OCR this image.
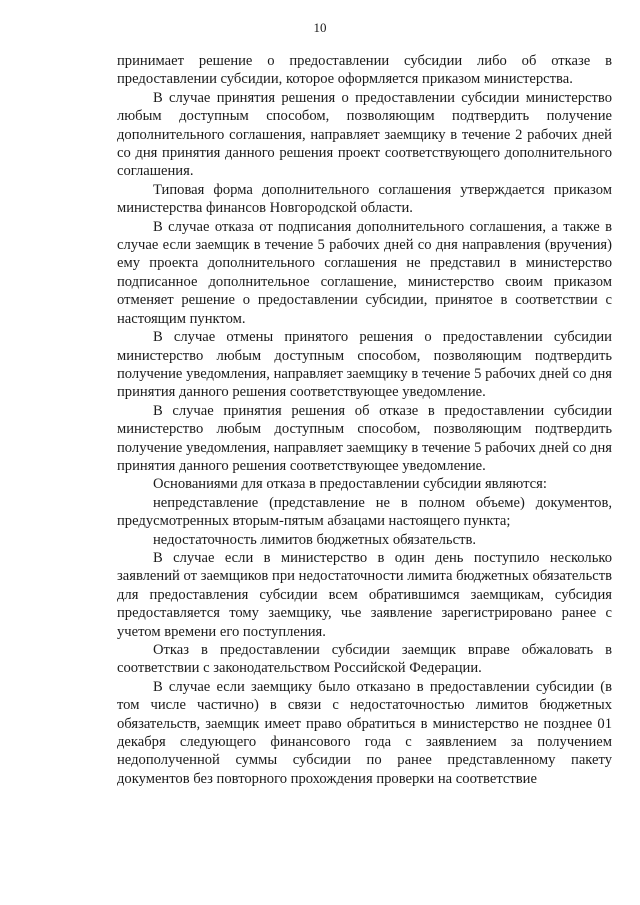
10

принимает решение о предоставлении субсидии либо об отказе в предоставлении субсидии, которое оформляется приказом министерства.

В случае принятия решения о предоставлении субсидии министерство любым доступным способом, позволяющим подтвердить получение дополнительного соглашения, направляет заемщику в течение 2 рабочих дней со дня принятия данного решения проект соответствующего дополнительного соглашения.

Типовая форма дополнительного соглашения утверждается приказом министерства финансов Новгородской области.

В случае отказа от подписания дополнительного соглашения, а также в случае если заемщик в течение 5 рабочих дней со дня направления (вручения) ему проекта дополнительного соглашения не представил в министерство подписанное дополнительное соглашение, министерство своим приказом отменяет решение о предоставлении субсидии, принятое в соответствии с настоящим пунктом.

В случае отмены принятого решения о предоставлении субсидии министерство любым доступным способом, позволяющим подтвердить получение уведомления, направляет заемщику в течение 5 рабочих дней со дня принятия данного решения соответствующее уведомление.

В случае принятия решения об отказе в предоставлении субсидии министерство любым доступным способом, позволяющим подтвердить получение уведомления, направляет заемщику в течение 5 рабочих дней со дня принятия данного решения соответствующее уведомление.

Основаниями для отказа в предоставлении субсидии являются:

непредставление (представление не в полном объеме) документов, предусмотренных вторым-пятым абзацами настоящего пункта;

недостаточность лимитов бюджетных обязательств.

В случае если в министерство в один день поступило несколько заявлений от заемщиков при недостаточности лимита бюджетных обязательств для предоставления субсидии всем обратившимся заемщикам, субсидия предоставляется тому заемщику, чье заявление зарегистрировано ранее с учетом времени его поступления.

Отказ в предоставлении субсидии заемщик вправе обжаловать в соответствии с законодательством Российской Федерации.

В случае если заемщику было отказано в предоставлении субсидии (в том числе частично) в связи с недостаточностью лимитов бюджетных обязательств, заемщик имеет право обратиться в министерство не позднее 01 декабря следующего финансового года с заявлением за получением недополученной суммы субсидии по ранее представленному пакету документов без повторного прохождения проверки на соответствие
